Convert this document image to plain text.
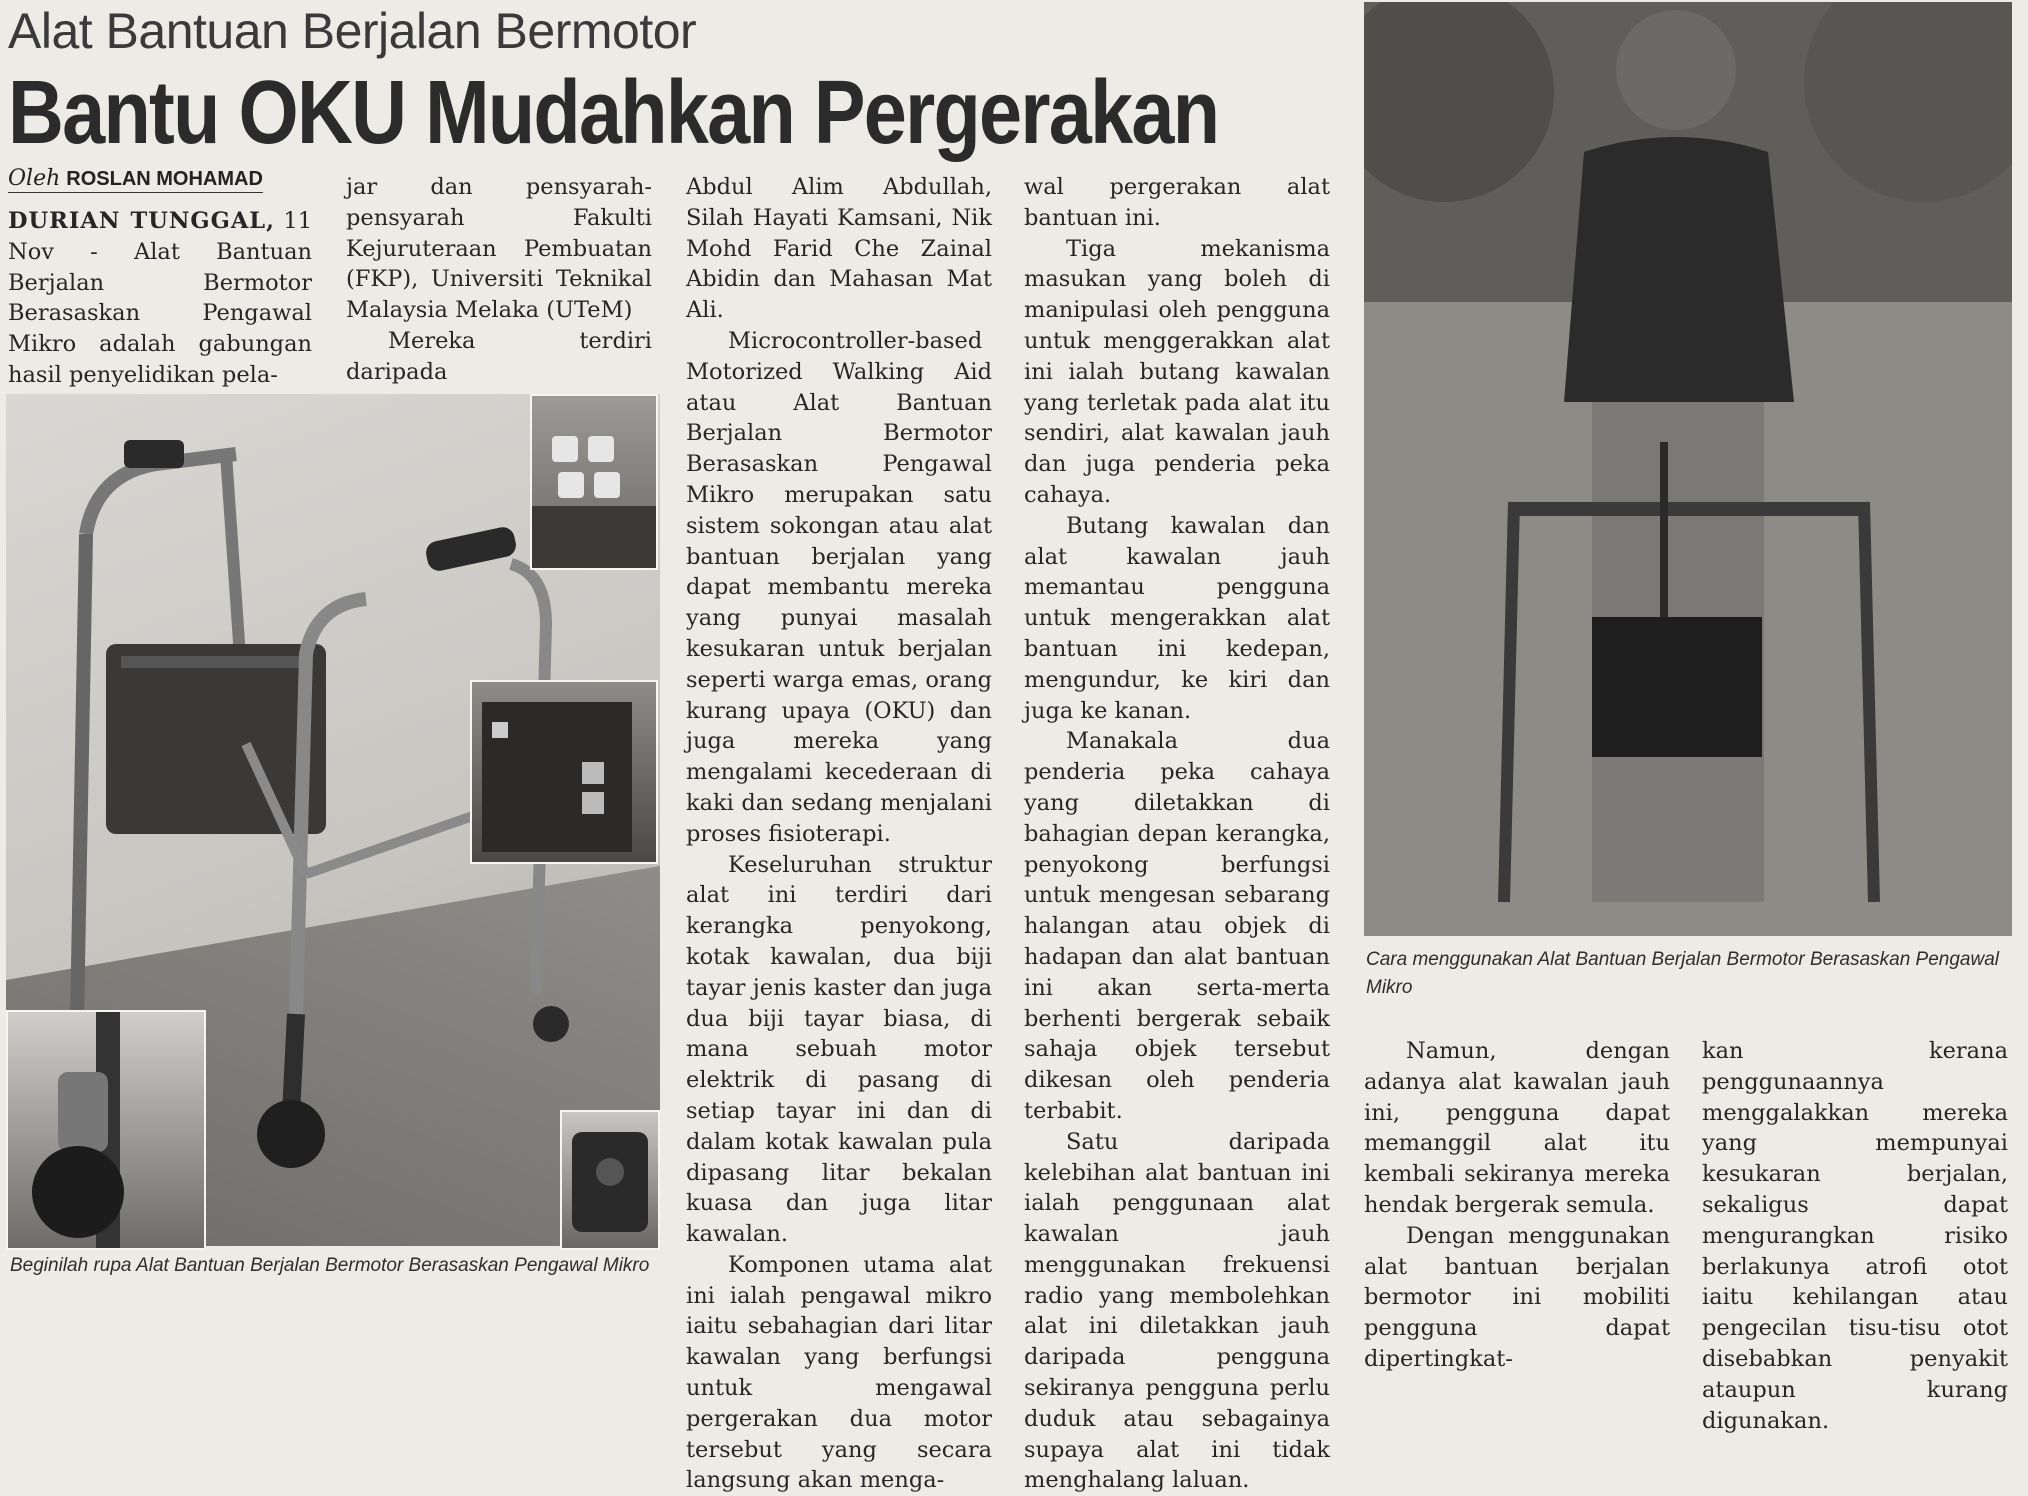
Alat Bantuan Berjalan Bermotor
Bantu OKU Mudahkan Pergerakan
Oleh ROSLAN MOHAMAD

DURIAN TUNGGAL, 11 Nov - Alat Bantuan Berjalan Bermotor Berasaskan Pengawal Mikro adalah gabungan hasil penyelidikan pela-

jar dan pensyarah-pensyarah Fakulti Kejuruteraan Pembuatan (FKP), Universiti Teknikal Malaysia Melaka (UTeM)

Mereka terdiri daripada

Abdul Alim Abdullah, Silah Hayati Kamsani, Nik Mohd Farid Che Zainal Abidin dan Mahasan Mat Ali.

Microcontroller-based Motorized Walking Aid atau Alat Bantuan Berjalan Bermotor Berasaskan Pengawal Mikro merupakan satu sistem sokongan atau alat bantuan berjalan yang dapat membantu mereka yang punyai masalah kesukaran untuk berjalan seperti warga emas, orang kurang upaya (OKU) dan juga mereka yang mengalami kecederaan di kaki dan sedang menjalani proses fisioterapi.

Keseluruhan struktur alat ini terdiri dari kerangka penyokong, kotak kawalan, dua biji tayar jenis kaster dan juga dua biji tayar biasa, di mana sebuah motor elektrik di pasang di setiap tayar ini dan di dalam kotak kawalan pula dipasang litar bekalan kuasa dan juga litar kawalan.

Komponen utama alat ini ialah pengawal mikro iaitu sebahagian dari litar kawalan yang berfungsi untuk mengawal pergerakan dua motor tersebut yang secara langsung akan menga-

wal pergerakan alat bantuan ini.

Tiga mekanisma masukan yang boleh di manipulasi oleh pengguna untuk menggerakkan alat ini ialah butang kawalan yang terletak pada alat itu sendiri, alat kawalan jauh dan juga penderia peka cahaya.

Butang kawalan dan alat kawalan jauh memantau pengguna untuk mengerakkan alat bantuan ini kedepan, mengundur, ke kiri dan juga ke kanan.

Manakala dua penderia peka cahaya yang diletakkan di bahagian depan kerangka, penyokong berfungsi untuk mengesan sebarang halangan atau objek di hadapan dan alat bantuan ini akan serta-merta berhenti bergerak sebaik sahaja objek tersebut dikesan oleh penderia terbabit.

Satu daripada kelebihan alat bantuan ini ialah penggunaan alat kawalan jauh menggunakan frekuensi radio yang membolehkan alat ini diletakkan jauh daripada pengguna sekiranya pengguna perlu duduk atau sebagainya supaya alat ini tidak menghalang laluan.

Namun, dengan adanya alat kawalan jauh ini, pengguna dapat memanggil alat itu kembali sekiranya mereka hendak bergerak semula.

Dengan menggunakan alat bantuan berjalan bermotor ini mobiliti pengguna dapat dipertingkat-

kan kerana penggunaannya menggalakkan mereka yang mempunyai kesukaran berjalan, sekaligus dapat mengurangkan risiko berlakunya atrofi otot iaitu kehilangan atau pengecilan tisu-tisu otot disebabkan penyakit ataupun kurang digunakan.

Beginilah rupa Alat Bantuan Berjalan Bermotor Berasaskan Pengawal Mikro
Cara menggunakan Alat Bantuan Berjalan Bermotor Berasaskan Pengawal Mikro
